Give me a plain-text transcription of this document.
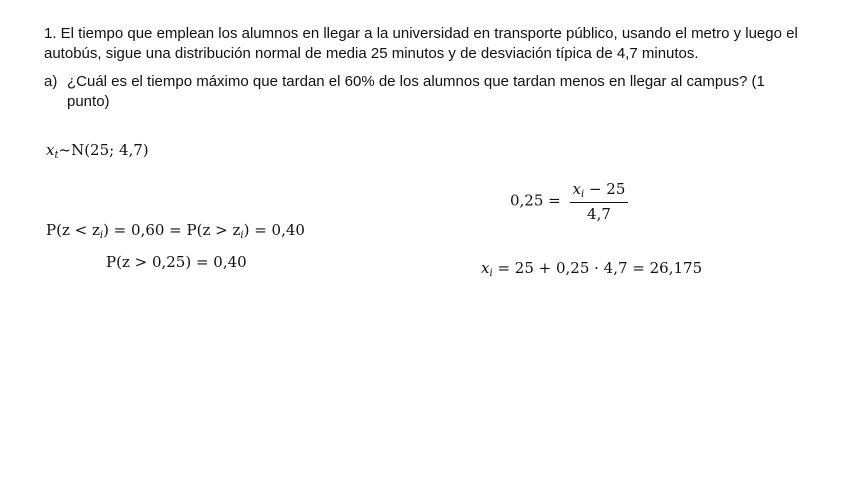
1. El tiempo que emplean los alumnos en llegar a la universidad en transporte público, usando el metro y luego el autobús, sigue una distribución normal de media 25 minutos y de desviación típica de 4,7 minutos.
a) ¿Cuál es el tiempo máximo que tardan el 60% de los alumnos que tardan menos en llegar al campus? (1 punto)
$x_t\sim N(25$; 4,7)
$P(z < z_i) = 0,60 = P(z > z_i) = 0,40$
P(z > 0,25) = 0,40
$0,25 = \frac{x_i - 25}{4,7}$
$x_i = 25 + 0,25 \cdot 4,7 = 26,175$
